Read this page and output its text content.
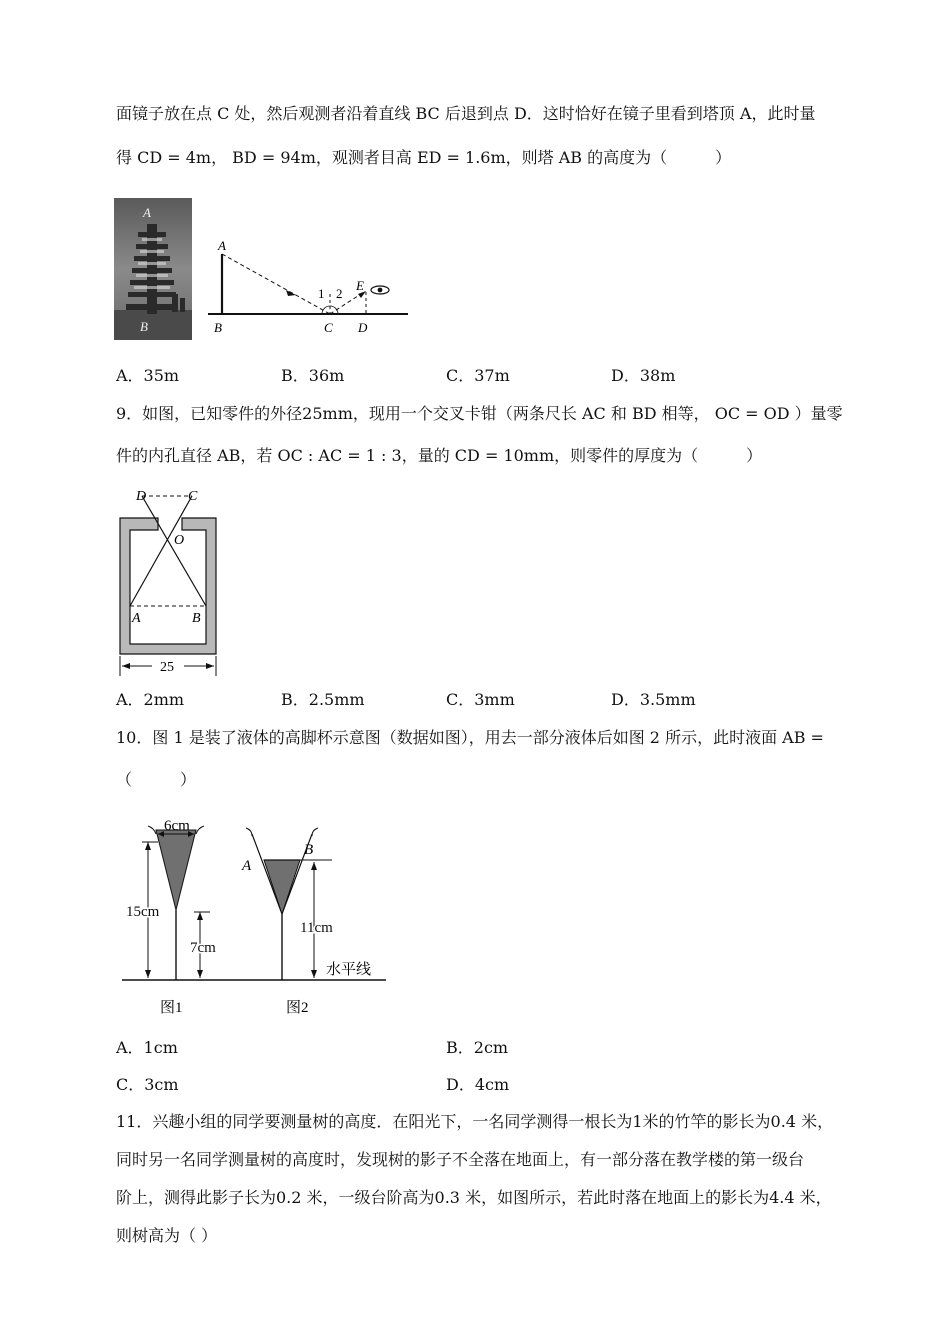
面镜子放在点 C 处，然后观测者沿着直线 BC 后退到点 D．这时恰好在镜子里看到塔顶 A，此时量
得 CD = 4m， BD = 94m，观测者目高 ED = 1.6m，则塔 AB 的高度为（　　　）
A
B
A
B	C D
E
1 2
A．35m	B．36m	C．37m	D．38m
9．如图，已知零件的外径25mm，现用一个交叉卡钳（两条尺长 AC 和 BD 相等， OC = OD ）量零
件的内孔直径 AB，若 OC : AC = 1 : 3，量的 CD = 10mm，则零件的厚度为（　　　）
D	C
O
A	B
25
A．2mm	B．2.5mm	C．3mm	D．3.5mm
10．图 1 是装了液体的高脚杯示意图（数据如图），用去一部分液体后如图 2 所示，此时液面 AB =
（　　　）
6cm
15cm
7cm
A
B
11cm
水平线
图1	图2
A．1cm	B．2cm
C．3cm	D．4cm
11．兴趣小组的同学要测量树的高度．在阳光下，一名同学测得一根长为1米的竹竿的影长为0.4 米，
同时另一名同学测量树的高度时，发现树的影子不全落在地面上，有一部分落在教学楼的第一级台
阶上，测得此影子长为0.2 米，一级台阶高为0.3 米，如图所示，若此时落在地面上的影长为4.4 米，
则树高为（ ）
